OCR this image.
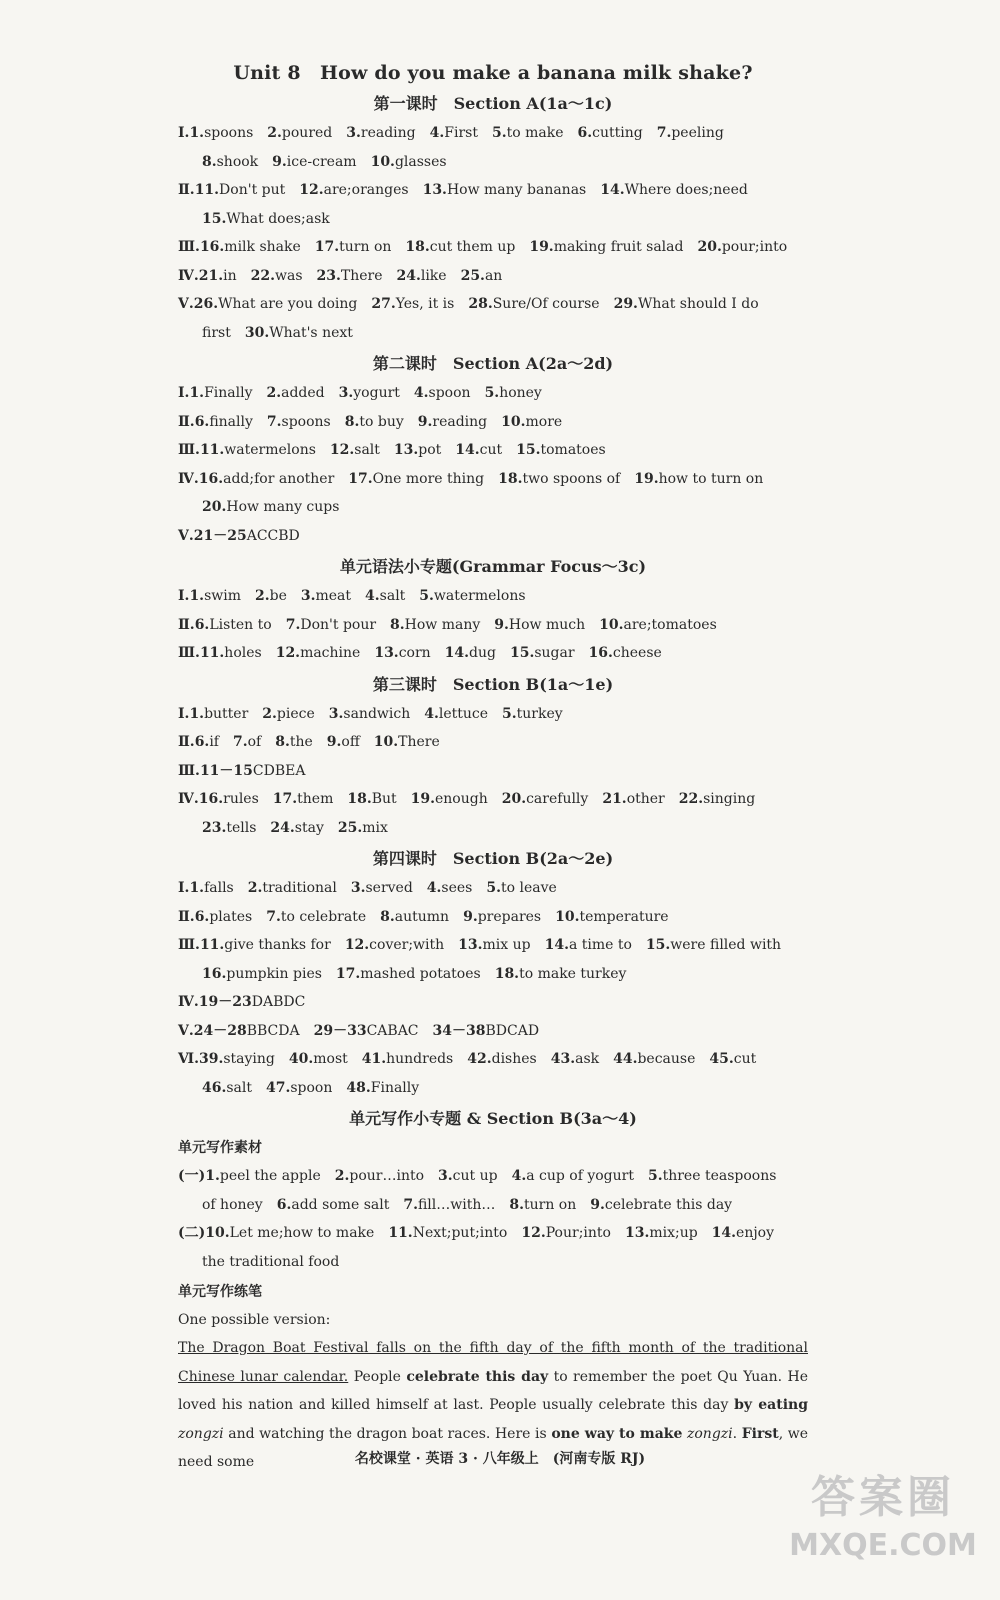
Unit 8　How do you make a banana milk shake?
第一课时　Section A(1a～1c)
Ⅰ.1.spoons 2.poured 3.reading 4.First 5.to make 6.cutting 7.peeling
8.shook 9.ice-cream 10.glasses
Ⅱ.11.Don't put 12.are;oranges 13.How many bananas 14.Where does;need
15.What does;ask
Ⅲ.16.milk shake 17.turn on 18.cut them up 19.making fruit salad 20.pour;into
Ⅳ.21.in 22.was 23.There 24.like 25.an
Ⅴ.26.What are you doing 27.Yes, it is 28.Sure/Of course 29.What should I do
first 30.What's next
第二课时　Section A(2a～2d)
Ⅰ.1.Finally 2.added 3.yogurt 4.spoon 5.honey
Ⅱ.6.finally 7.spoons 8.to buy 9.reading 10.more
Ⅲ.11.watermelons 12.salt 13.pot 14.cut 15.tomatoes
Ⅳ.16.add;for another 17.One more thing 18.two spoons of 19.how to turn on
20.How many cups
Ⅴ.21－25ACCBD
单元语法小专题(Grammar Focus～3c)
Ⅰ.1.swim 2.be 3.meat 4.salt 5.watermelons
Ⅱ.6.Listen to 7.Don't pour 8.How many 9.How much 10.are;tomatoes
Ⅲ.11.holes 12.machine 13.corn 14.dug 15.sugar 16.cheese
第三课时　Section B(1a～1e)
Ⅰ.1.butter 2.piece 3.sandwich 4.lettuce 5.turkey
Ⅱ.6.if 7.of 8.the 9.off 10.There
Ⅲ.11－15CDBEA
Ⅳ.16.rules 17.them 18.But 19.enough 20.carefully 21.other 22.singing
23.tells 24.stay 25.mix
第四课时　Section B(2a～2e)
Ⅰ.1.falls 2.traditional 3.served 4.sees 5.to leave
Ⅱ.6.plates 7.to celebrate 8.autumn 9.prepares 10.temperature
Ⅲ.11.give thanks for 12.cover;with 13.mix up 14.a time to 15.were filled with
16.pumpkin pies 17.mashed potatoes 18.to make turkey
Ⅳ.19－23DABDC
Ⅴ.24－28BBCDA 29－33CABAC 34－38BDCAD
Ⅵ.39.staying 40.most 41.hundreds 42.dishes 43.ask 44.because 45.cut
46.salt 47.spoon 48.Finally
单元写作小专题 & Section B(3a～4)
单元写作素材
(一)1.peel the apple 2.pour…into 3.cut up 4.a cup of yogurt 5.three teaspoons
of honey 6.add some salt 7.fill…with… 8.turn on 9.celebrate this day
(二)10.Let me;how to make 11.Next;put;into 12.Pour;into 13.mix;up 14.enjoy
the traditional food
单元写作练笔
One possible version:
The Dragon Boat Festival falls on the fifth day of the fifth month of the traditional Chinese lunar calendar. People celebrate this day to remember the poet Qu Yuan. He loved his nation and killed himself at last. People usually celebrate this day by eating zongzi and watching the dragon boat races. Here is one way to make zongzi. First, we need some	名校课堂 · 英语 3 · 八年级上　(河南专版 RJ)
答案圈
MXQE.COM
